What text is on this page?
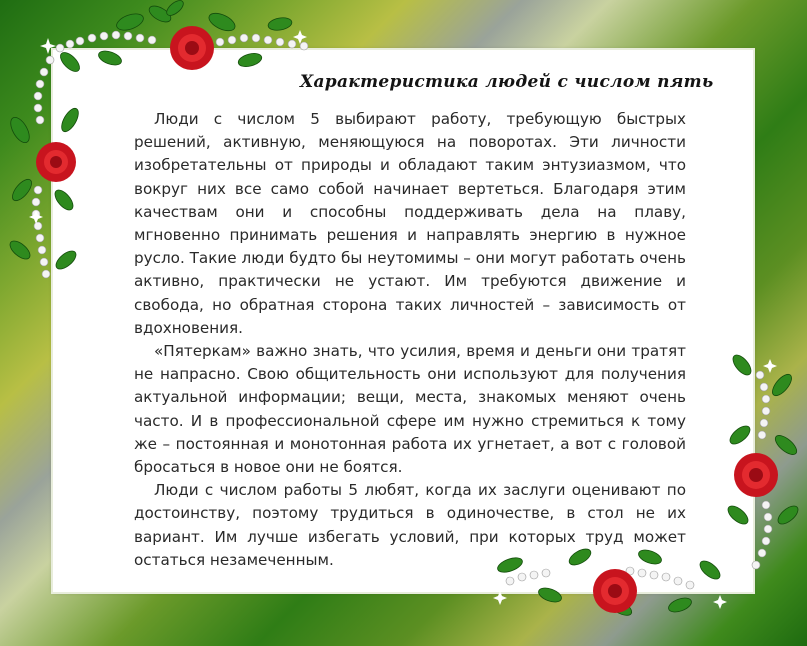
Характеристика людей с числом пять

Люди с числом 5 выбирают работу, требующую быстрых решений, активную, меняющуюся на поворотах. Эти личности изобретательны от природы и обладают таким энтузиазмом, что вокруг них все само собой начинает вертеться. Благодаря этим качествам они и способны поддерживать дела на плаву, мгновенно принимать решения и направлять энергию в нужное русло. Такие люди будто бы неутомимы – они могут работать очень активно, практически не устают. Им требуются движение и свобода, но обратная сторона таких личностей – зависимость от вдохновения.

«Пятеркам» важно знать, что усилия, время и деньги они тратят не напрасно. Свою общительность они используют для получения актуальной информации; вещи, места, знакомых меняют очень часто. И в профессиональной сфере им нужно стремиться к тому же – постоянная и монотонная работа их угнетает, а вот с головой бросаться в новое они не боятся.

Люди с числом работы 5 любят, когда их заслуги оценивают по достоинству, поэтому трудиться в одиночестве, в стол не их вариант. Им лучше избегать условий, при которых труд может остаться незамеченным.
